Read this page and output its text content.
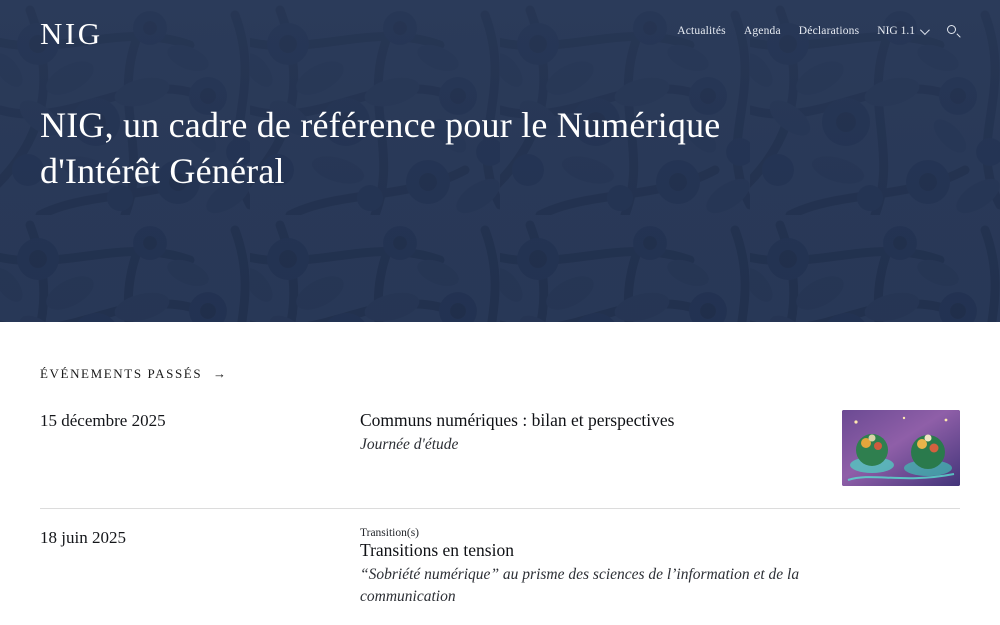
NIG	Actualités Agenda Déclarations NIG 1.1
NIG, un cadre de référence pour le Numérique d'Intérêt Général
ÉVÉNEMENTS PASSÉS →
15 décembre 2025	Communs numériques : bilan et perspectives
Journée d'étude
18 juin 2025	Transition(s)
Transitions en tension
“Sobriété numérique” au prisme des sciences de l’information et de la communication
